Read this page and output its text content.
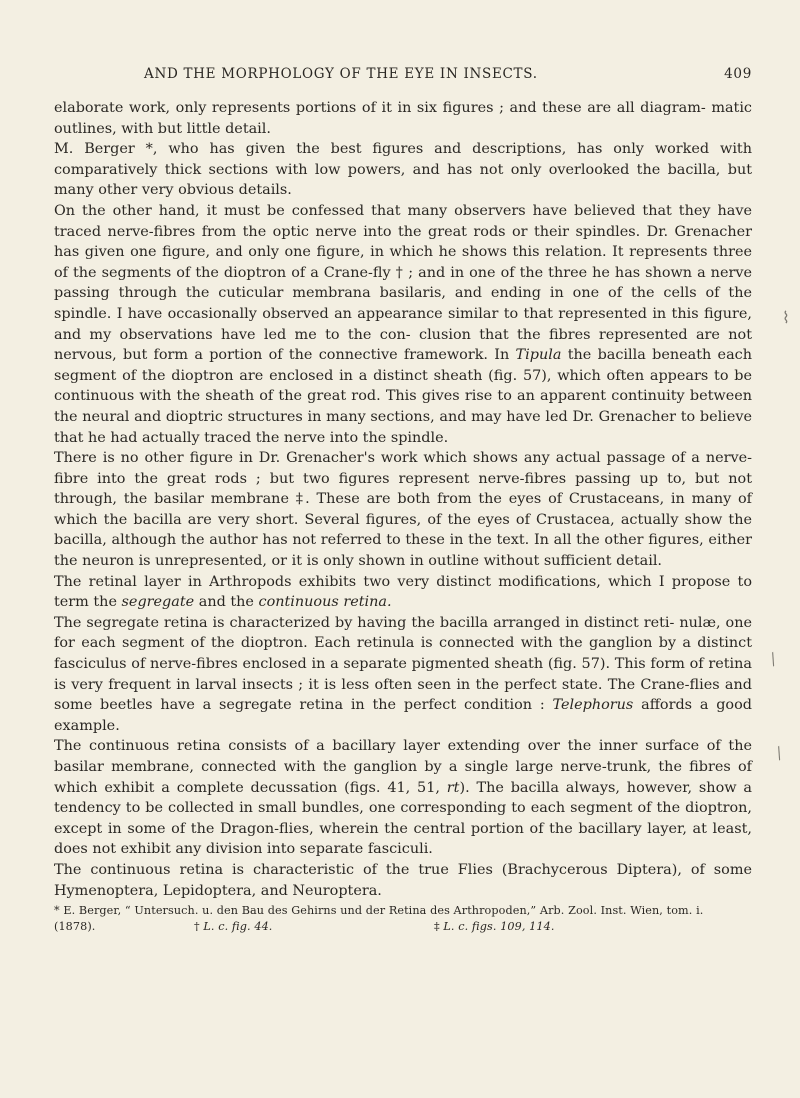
AND THE MORPHOLOGY OF THE EYE IN INSECTS.	409

elaborate work, only represents portions of it in six figures ; and these are all diagram- matic outlines, with but little detail.

M. Berger *, who has given the best figures and descriptions, has only worked with comparatively thick sections with low powers, and has not only overlooked the bacilla, but many other very obvious details.

On the other hand, it must be confessed that many observers have believed that they have traced nerve-fibres from the optic nerve into the great rods or their spindles. Dr. Grenacher has given one figure, and only one figure, in which he shows this relation. It represents three of the segments of the dioptron of a Crane-fly † ; and in one of the three he has shown a nerve passing through the cuticular membrana basilaris, and ending in one of the cells of the spindle. I have occasionally observed an appearance similar to that represented in this figure, and my observations have led me to the con- clusion that the fibres represented are not nervous, but form a portion of the connective framework. In Tipula the bacilla beneath each segment of the dioptron are enclosed in a distinct sheath (fig. 57), which often appears to be continuous with the sheath of the great rod. This gives rise to an apparent continuity between the neural and dioptric structures in many sections, and may have led Dr. Grenacher to believe that he had actually traced the nerve into the spindle.

There is no other figure in Dr. Grenacher's work which shows any actual passage of a nerve-fibre into the great rods ; but two figures represent nerve-fibres passing up to, but not through, the basilar membrane ‡. These are both from the eyes of Crustaceans, in many of which the bacilla are very short. Several figures, of the eyes of Crustacea, actually show the bacilla, although the author has not referred to these in the text. In all the other figures, either the neuron is unrepresented, or it is only shown in outline without sufficient detail.

The retinal layer in Arthropods exhibits two very distinct modifications, which I propose to term the segregate and the continuous retina.

The segregate retina is characterized by having the bacilla arranged in distinct reti- nulæ, one for each segment of the dioptron. Each retinula is connected with the ganglion by a distinct fasciculus of nerve-fibres enclosed in a separate pigmented sheath (fig. 57). This form of retina is very frequent in larval insects ; it is less often seen in the perfect state. The Crane-flies and some beetles have a segregate retina in the perfect condition : Telephorus affords a good example.

The continuous retina consists of a bacillary layer extending over the inner surface of the basilar membrane, connected with the ganglion by a single large nerve-trunk, the fibres of which exhibit a complete decussation (figs. 41, 51, rt). The bacilla always, however, show a tendency to be collected in small bundles, one corresponding to each segment of the dioptron, except in some of the Dragon-flies, wherein the central portion of the bacillary layer, at least, does not exhibit any division into separate fasciculi.

The continuous retina is characteristic of the true Flies (Brachycerous Diptera), of some Hymenoptera, Lepidoptera, and Neuroptera.

* E. Berger, “ Untersuch. u. den Bau des Gehirns und der Retina des Arthropoden,” Arb. Zool. Inst. Wien, tom. i.
(1878).	† L. c. fig. 44.	‡ L. c. figs. 109, 114.
⌇
⁄
⁄
